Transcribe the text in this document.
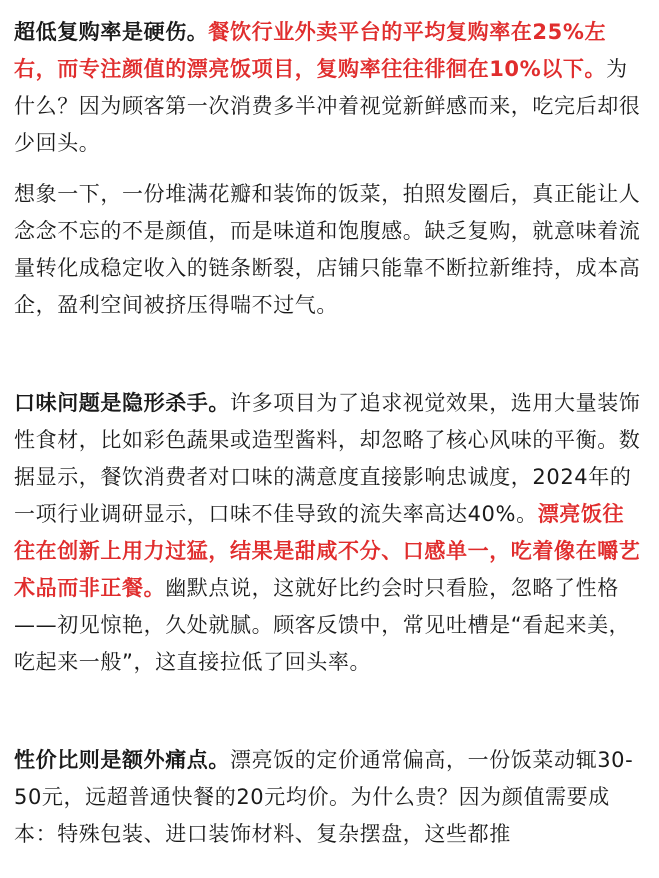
超低复购率是硬伤。餐饮行业外卖平台的平均复购率在25%左右，而专注颜值的漂亮饭项目，复购率往往徘徊在10%以下。为什么？因为顾客第一次消费多半冲着视觉新鲜感而来，吃完后却很少回头。

想象一下，一份堆满花瓣和装饰的饭菜，拍照发圈后，真正能让人念念不忘的不是颜值，而是味道和饱腹感。缺乏复购，就意味着流量转化成稳定收入的链条断裂，店铺只能靠不断拉新维持，成本高企，盈利空间被挤压得喘不过气。

口味问题是隐形杀手。许多项目为了追求视觉效果，选用大量装饰性食材，比如彩色蔬果或造型酱料，却忽略了核心风味的平衡。数据显示，餐饮消费者对口味的满意度直接影响忠诚度，2024年的一项行业调研显示，口味不佳导致的流失率高达40%。漂亮饭往往在创新上用力过猛，结果是甜咸不分、口感单一，吃着像在嚼艺术品而非正餐。幽默点说，这就好比约会时只看脸，忽略了性格——初见惊艳，久处就腻。顾客反馈中，常见吐槽是“看起来美，吃起来一般”，这直接拉低了回头率。

性价比则是额外痛点。漂亮饭的定价通常偏高，一份饭菜动辄30-50元，远超普通快餐的20元均价。为什么贵？因为颜值需要成本：特殊包装、进口装饰材料、复杂摆盘，这些都推
